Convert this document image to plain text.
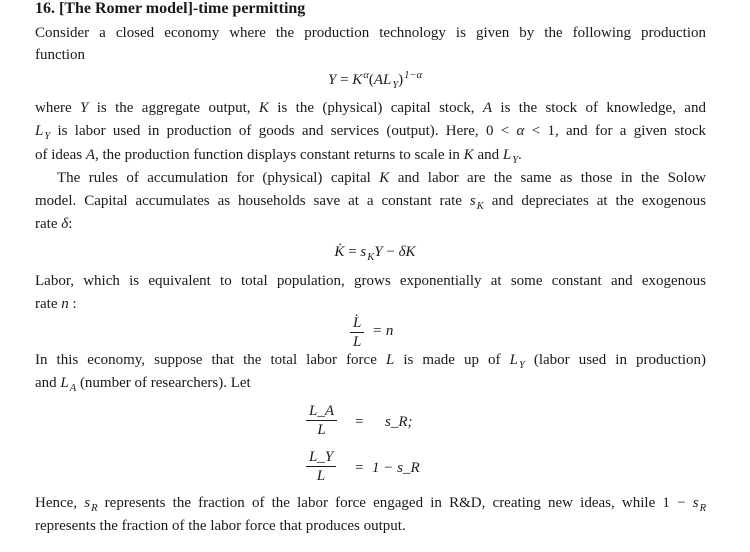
16. [The Romer model]-time permitting
Consider a closed economy where the production technology is given by the following production
function
$Y = K^\alpha(AL_Y)^{1-\alpha}$
where Y is the aggregate output, K is the (physical) capital stock, A is the stock of knowledge, and
$L_Y$ is labor used in production of goods and services (output). Here, 0 < α < 1, and for a given stock
of ideas A, the production function displays constant returns to scale in K and $L_Y$.
The rules of accumulation for (physical) capital K and labor are the same as those in the Solow
model. Capital accumulates as households save at a constant rate $s_K$ and depreciates at the exogenous
rate δ:
K̇ = $s_KY - \delta K$
Labor, which is equivalent to total population, grows exponentially at some constant and exogenous
rate n :
In this economy, suppose that the total labor force L is made up of $L_Y$ (labor used in production)
and $L_A$ (number of researchers). Let
Hence, $s_R$ represents the fraction of the labor force engaged in R&D, creating new ideas, while $1 - s_R$
represents the fraction of the labor force that produces output.
$\frac{L̇}{L} = n$
$\frac{L\_A}{L}$ = s_R;
$\frac{L\_Y}{L} = 1$ − s_R
